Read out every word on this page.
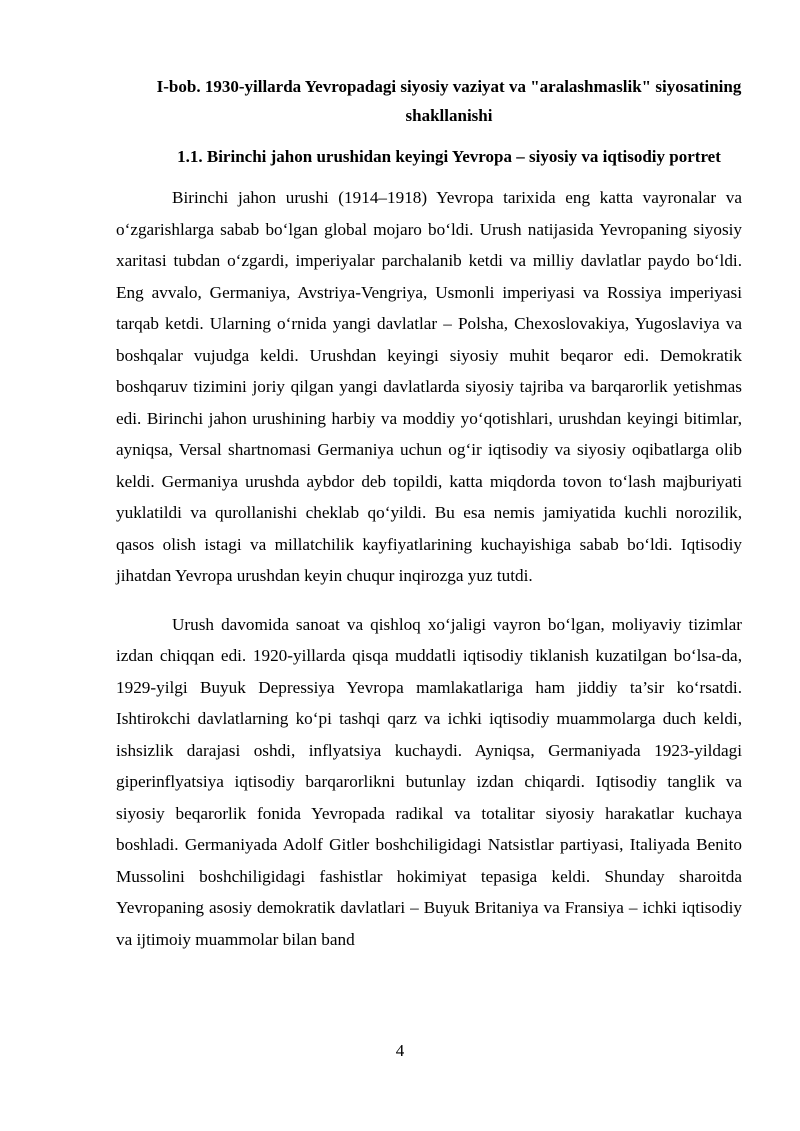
I-bob. 1930-yillarda Yevropadagi siyosiy vaziyat va "aralashmaslik" siyosatining shakllanishi
1.1. Birinchi jahon urushidan keyingi Yevropa – siyosiy va iqtisodiy portret

Birinchi jahon urushi (1914–1918) Yevropa tarixida eng katta vayronalar va o‘zgarishlarga sabab bo‘lgan global mojaro bo‘ldi. Urush natijasida Yevropaning siyosiy xaritasi tubdan o‘zgardi, imperiyalar parchalanib ketdi va milliy davlatlar paydo bo‘ldi. Eng avvalo, Germaniya, Avstriya-Vengriya, Usmonli imperiyasi va Rossiya imperiyasi tarqab ketdi. Ularning o‘rnida yangi davlatlar – Polsha, Chexoslovakiya, Yugoslaviya va boshqalar vujudga keldi. Urushdan keyingi siyosiy muhit beqaror edi. Demokratik boshqaruv tizimini joriy qilgan yangi davlatlarda siyosiy tajriba va barqarorlik yetishmas edi. Birinchi jahon urushining harbiy va moddiy yo‘qotishlari, urushdan keyingi bitimlar, ayniqsa, Versal shartnomasi Germaniya uchun og‘ir iqtisodiy va siyosiy oqibatlarga olib keldi. Germaniya urushda aybdor deb topildi, katta miqdorda tovon to‘lash majburiyati yuklatildi va qurollanishi cheklab qo‘yildi. Bu esa nemis jamiyatida kuchli norozilik, qasos olish istagi va millatchilik kayfiyatlarining kuchayishiga sabab bo‘ldi. Iqtisodiy jihatdan Yevropa urushdan keyin chuqur inqirozga yuz tutdi.

Urush davomida sanoat va qishloq xo‘jaligi vayron bo‘lgan, moliyaviy tizimlar izdan chiqqan edi. 1920-yillarda qisqa muddatli iqtisodiy tiklanish kuzatilgan bo‘lsa-da, 1929-yilgi Buyuk Depressiya Yevropa mamlakatlariga ham jiddiy ta’sir ko‘rsatdi. Ishtirokchi davlatlarning ko‘pi tashqi qarz va ichki iqtisodiy muammolarga duch keldi, ishsizlik darajasi oshdi, inflyatsiya kuchaydi. Ayniqsa, Germaniyada 1923-yildagi giperinflyatsiya iqtisodiy barqarorlikni butunlay izdan chiqardi. Iqtisodiy tanglik va siyosiy beqarorlik fonida Yevropada radikal va totalitar siyosiy harakatlar kuchaya boshladi. Germaniyada Adolf Gitler boshchiligidagi Natsistlar partiyasi, Italiyada Benito Mussolini boshchiligidagi fashistlar hokimiyat tepasiga keldi. Shunday sharoitda Yevropaning asosiy demokratik davlatlari – Buyuk Britaniya va Fransiya – ichki iqtisodiy va ijtimoiy muammolar bilan band

4
